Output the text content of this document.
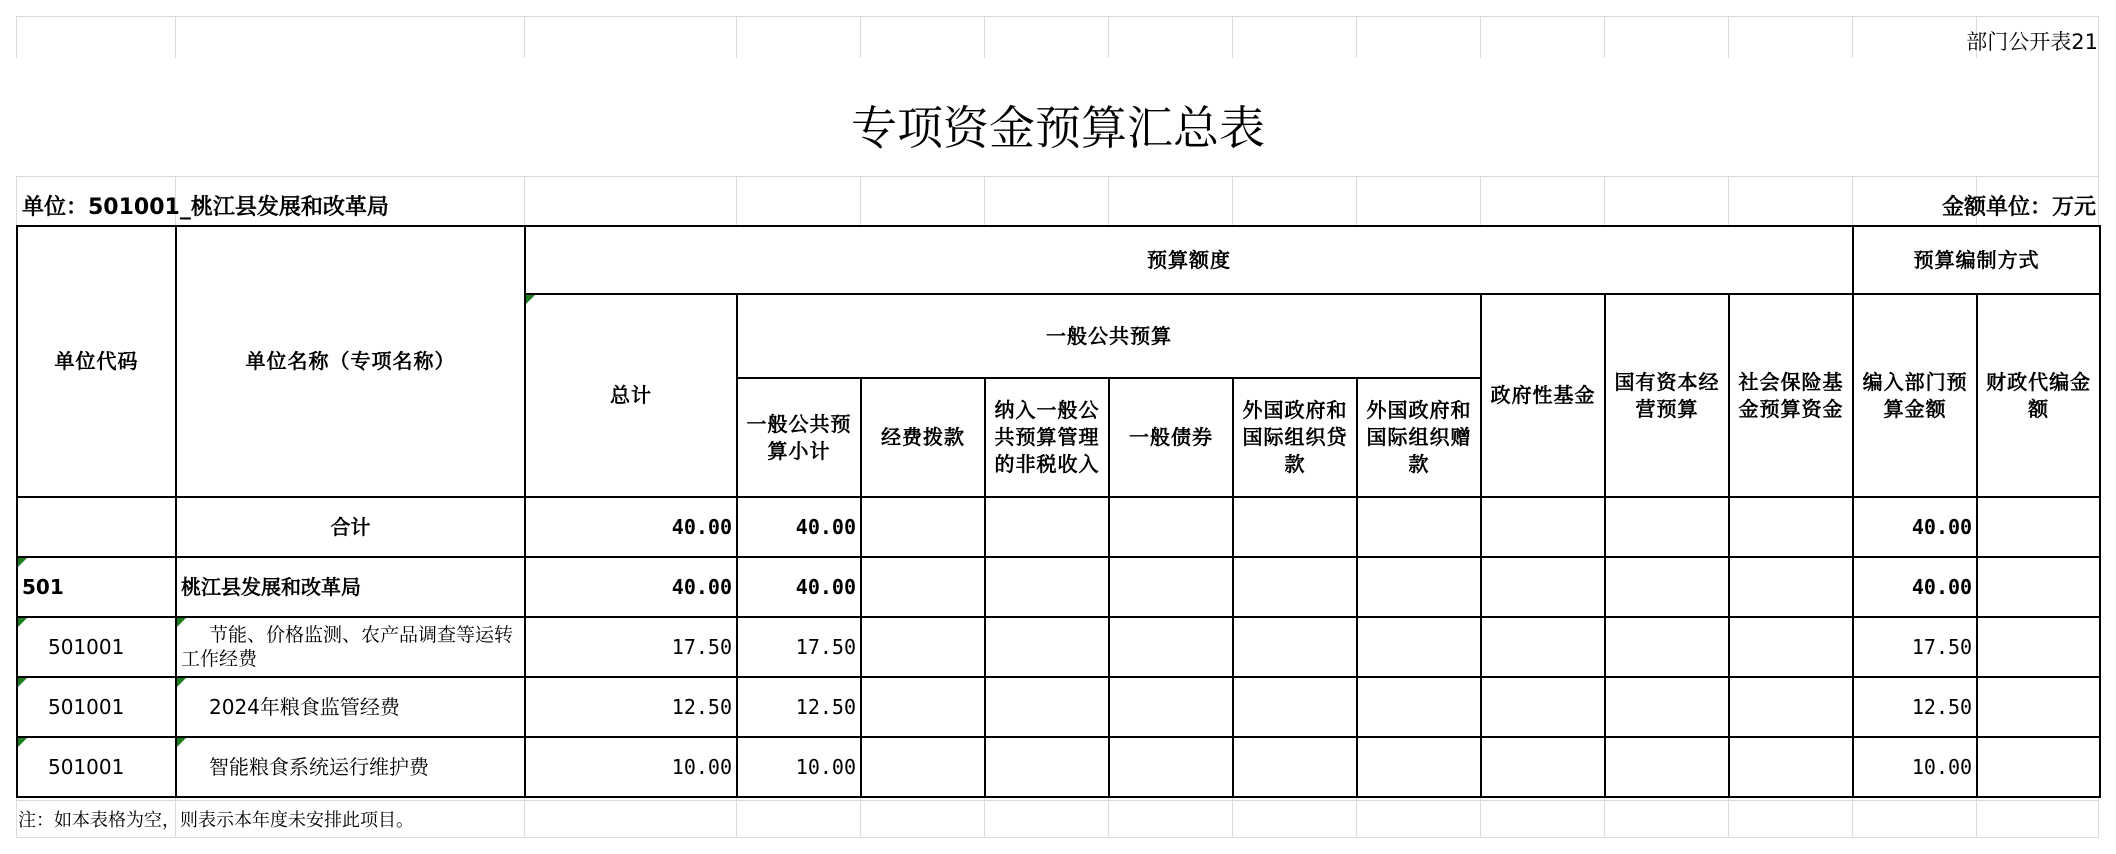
部门公开表21
专项资金预算汇总表
单位：501001_桃江县发展和改革局	金额单位：万元
单位代码	单位名称（专项名称）	预算额度										预算编制方式	
		总计	一般公共预算						政府性基金	国有资本经营预算	社会保险基金预算资金	编入部门预算金额	财政代编金额
			一般公共预算小计	经费拨款	纳入一般公共预算管理的非税收入	一般债券	外国政府和国际组织贷款	外国政府和国际组织赠款					
	合计	40.00	40.00									40.00	
501	桃江县发展和改革局	40.00	40.00									40.00	
501001	节能、价格监测、农产品调查等运转工作经费	17.50	17.50									17.50	
501001	2024年粮食监管经费	12.50	12.50									12.50	
501001	智能粮食系统运行维护费	10.00	10.00									10.00	
注：如本表格为空，则表示本年度未安排此项目。
